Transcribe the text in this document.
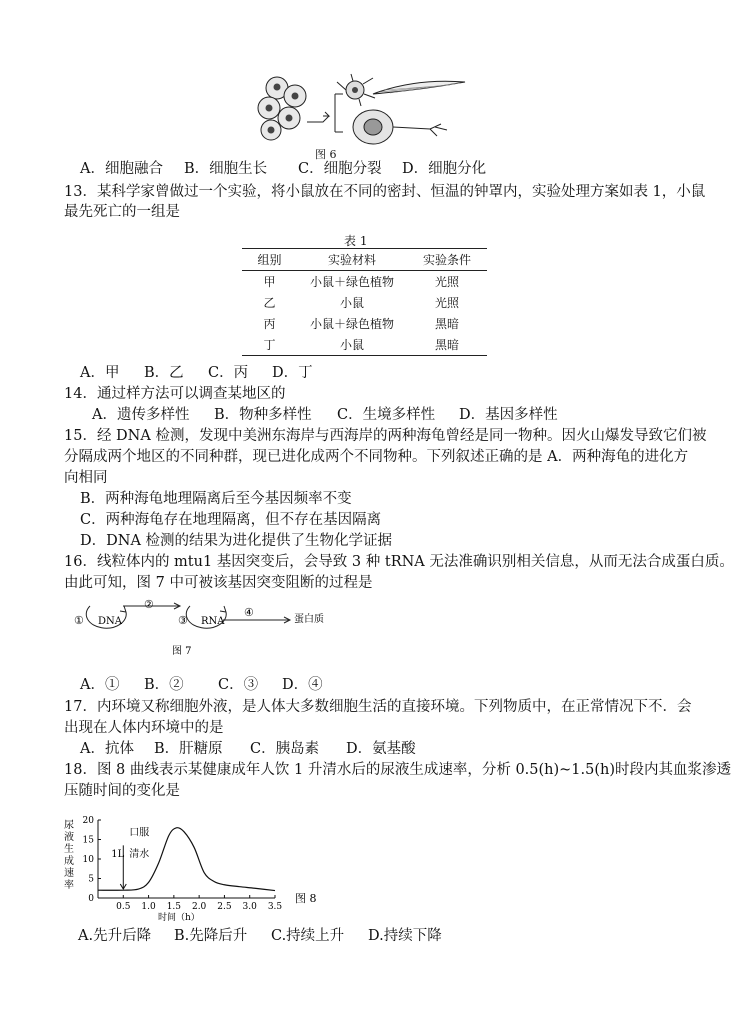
图 6
A．细胞融合 B．细胞生长 C．细胞分裂 D．细胞分化
13．某科学家曾做过一个实验，将小鼠放在不同的密封、恒温的钟罩内，实验处理方案如表 1，小鼠
最先死亡的一组是
表 1
组别	实验材料	实验条件
甲	小鼠＋绿色植物	光照
乙	小鼠	光照
丙	小鼠＋绿色植物	黑暗
丁	小鼠	黑暗
A．甲 B．乙 C．丙 D．丁
14．通过样方法可以调查某地区的
A．遗传多样性 B．物种多样性 C．生境多样性 D．基因多样性
15．经 DNA 检测，发现中美洲东海岸与西海岸的两种海龟曾经是同一物种。因火山爆发导致它们被
分隔成两个地区的不同种群，现已进化成两个不同物种。下列叙述正确的是 A．两种海龟的进化方
向相同
B．两种海龟地理隔离后至今基因频率不变
C．两种海龟存在地理隔离，但不存在基因隔离
D．DNA 检测的结果为进化提供了生物化学证据
16．线粒体内的 mtu1 基因突变后，会导致 3 种 tRNA 无法准确识别相关信息，从而无法合成蛋白质。
由此可知，图 7 中可被该基因突变阻断的过程是
① DNA
②
③ RNA
④
蛋白质
图 7
A．① B．② C．③ D．④
17．内环境又称细胞外液，是人体大多数细胞生活的直接环境。下列物质中，在正常情况下不．会
出现在人体内环境中的是
A．抗体 B．肝糖原 C．胰岛素 D．氨基酸
18．图 8 曲线表示某健康成年人饮 1 升清水后的尿液生成速率，分析 0.5(h)~1.5(h)时段内其血浆渗透
压随时间的变化是
尿
液
生
成
速
率
0
5
10
15
20
0.5 1.0 1.5 2.0 2.5 3.0 3.5
口服
1L 清水
时间（h）
图 8
A.先升后降 B.先降后升 C.持续上升 D.持续下降
